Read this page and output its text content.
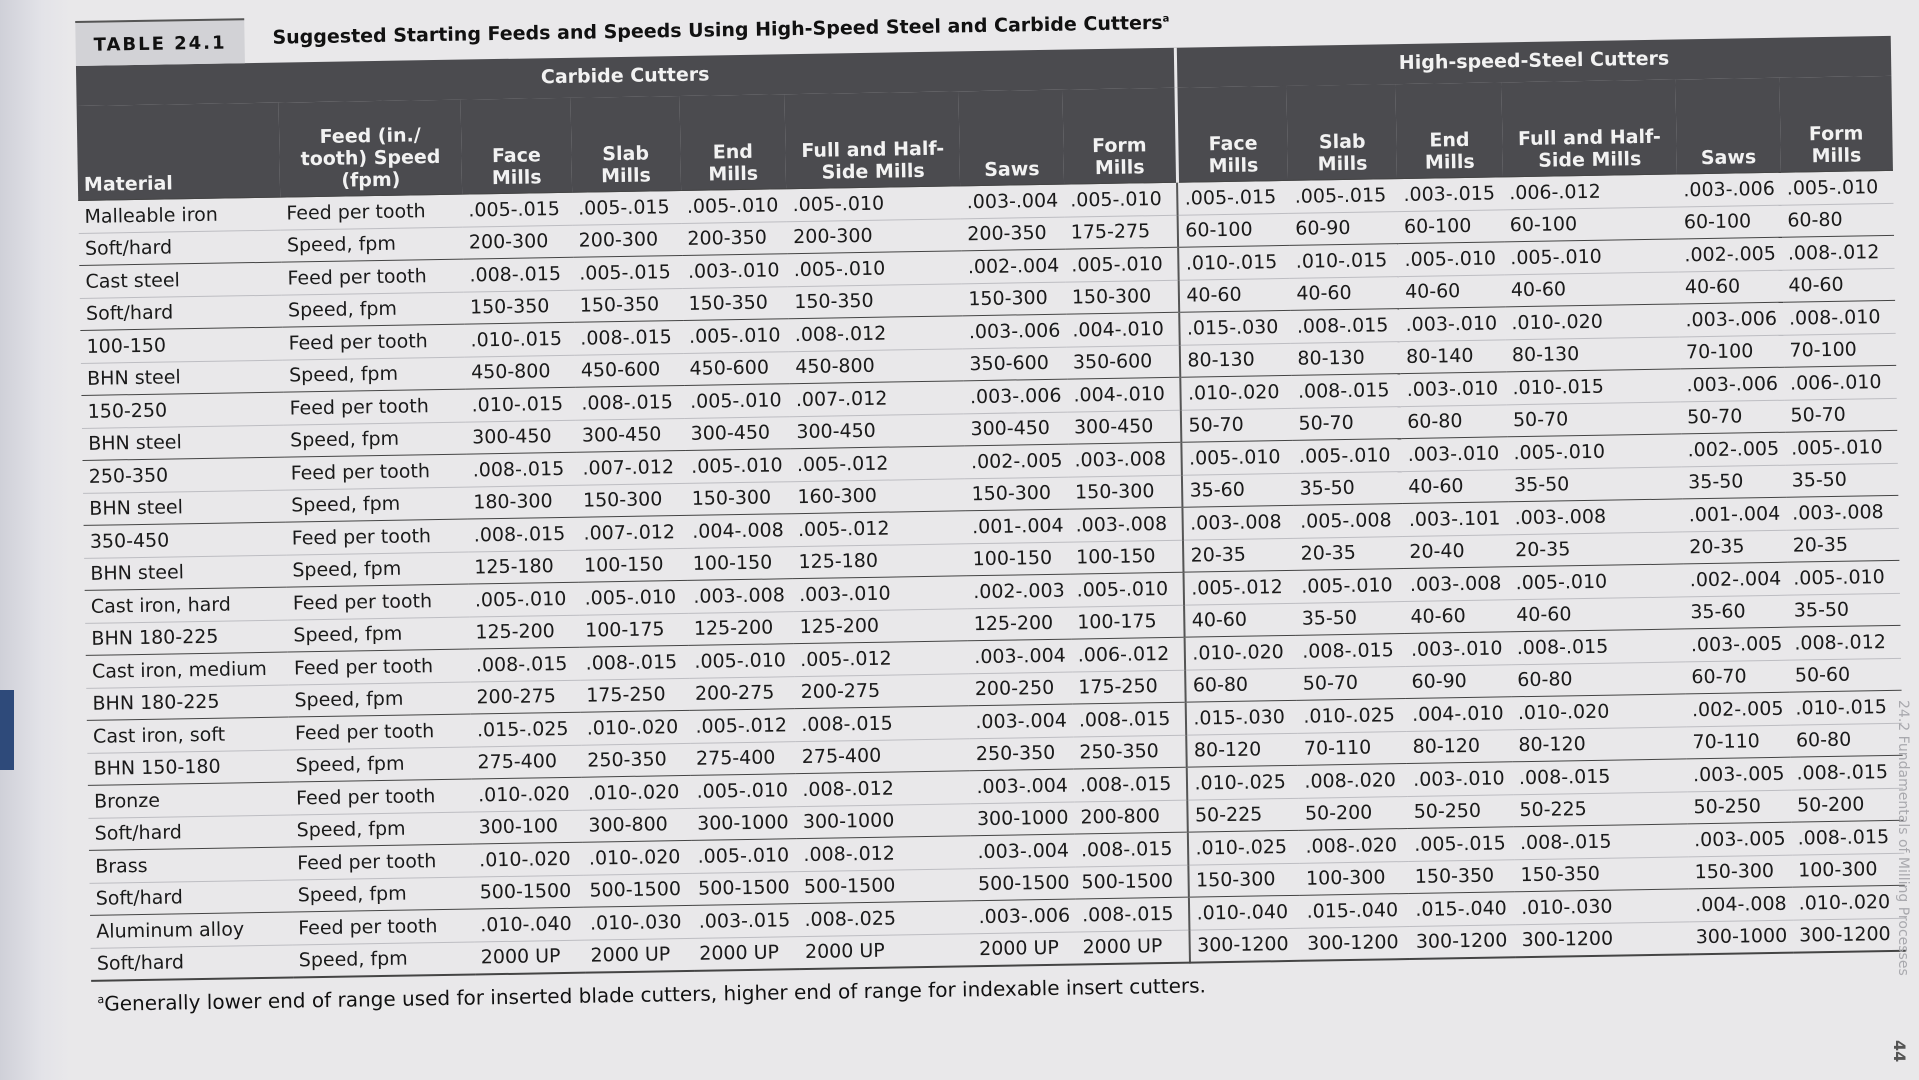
TABLE 24.1	Suggested Starting Feeds and Speeds Using High-Speed Steel and Carbide Cutters$^a$
Carbide Cutters								High-speed-Steel Cutters					
Material	Feed (in./ tooth) Speed (fpm)	Face Mills	Slab Mills	End Mills	Full and Half-Side Mills	Saws	Form Mills	Face Mills	Slab Mills	End Mills	Full and Half-Side Mills	Saws	Form Mills
Malleable iron	Feed per tooth	.005-.015	.005-.015	.005-.010	.005-.010	.003-.004	.005-.010	.005-.015	.005-.015	.003-.015	.006-.012	.003-.006	.005-.010
Soft/hard	Speed, fpm	200-300	200-300	200-350	200-300	200-350	175-275	60-100	60-90	60-100	60-100	60-100	60-80
Cast steel	Feed per tooth	.008-.015	.005-.015	.003-.010	.005-.010	.002-.004	.005-.010	.010-.015	.010-.015	.005-.010	.005-.010	.002-.005	.008-.012
Soft/hard	Speed, fpm	150-350	150-350	150-350	150-350	150-300	150-300	40-60	40-60	40-60	40-60	40-60	40-60
100-150	Feed per tooth	.010-.015	.008-.015	.005-.010	.008-.012	.003-.006	.004-.010	.015-.030	.008-.015	.003-.010	.010-.020	.003-.006	.008-.010
BHN steel	Speed, fpm	450-800	450-600	450-600	450-800	350-600	350-600	80-130	80-130	80-140	80-130	70-100	70-100
150-250	Feed per tooth	.010-.015	.008-.015	.005-.010	.007-.012	.003-.006	.004-.010	.010-.020	.008-.015	.003-.010	.010-.015	.003-.006	.006-.010
BHN steel	Speed, fpm	300-450	300-450	300-450	300-450	300-450	300-450	50-70	50-70	60-80	50-70	50-70	50-70
250-350	Feed per tooth	.008-.015	.007-.012	.005-.010	.005-.012	.002-.005	.003-.008	.005-.010	.005-.010	.003-.010	.005-.010	.002-.005	.005-.010
BHN steel	Speed, fpm	180-300	150-300	150-300	160-300	150-300	150-300	35-60	35-50	40-60	35-50	35-50	35-50
350-450	Feed per tooth	.008-.015	.007-.012	.004-.008	.005-.012	.001-.004	.003-.008	.003-.008	.005-.008	.003-.101	.003-.008	.001-.004	.003-.008
BHN steel	Speed, fpm	125-180	100-150	100-150	125-180	100-150	100-150	20-35	20-35	20-40	20-35	20-35	20-35
Cast iron, hard	Feed per tooth	.005-.010	.005-.010	.003-.008	.003-.010	.002-.003	.005-.010	.005-.012	.005-.010	.003-.008	.005-.010	.002-.004	.005-.010
BHN 180-225	Speed, fpm	125-200	100-175	125-200	125-200	125-200	100-175	40-60	35-50	40-60	40-60	35-60	35-50
Cast iron, medium	Feed per tooth	.008-.015	.008-.015	.005-.010	.005-.012	.003-.004	.006-.012	.010-.020	.008-.015	.003-.010	.008-.015	.003-.005	.008-.012
BHN 180-225	Speed, fpm	200-275	175-250	200-275	200-275	200-250	175-250	60-80	50-70	60-90	60-80	60-70	50-60
Cast iron, soft	Feed per tooth	.015-.025	.010-.020	.005-.012	.008-.015	.003-.004	.008-.015	.015-.030	.010-.025	.004-.010	.010-.020	.002-.005	.010-.015
BHN 150-180	Speed, fpm	275-400	250-350	275-400	275-400	250-350	250-350	80-120	70-110	80-120	80-120	70-110	60-80
Bronze	Feed per tooth	.010-.020	.010-.020	.005-.010	.008-.012	.003-.004	.008-.015	.010-.025	.008-.020	.003-.010	.008-.015	.003-.005	.008-.015
Soft/hard	Speed, fpm	300-100	300-800	300-1000	300-1000	300-1000	200-800	50-225	50-200	50-250	50-225	50-250	50-200
Brass	Feed per tooth	.010-.020	.010-.020	.005-.010	.008-.012	.003-.004	.008-.015	.010-.025	.008-.020	.005-.015	.008-.015	.003-.005	.008-.015
Soft/hard	Speed, fpm	500-1500	500-1500	500-1500	500-1500	500-1500	500-1500	150-300	100-300	150-350	150-350	150-300	100-300
Aluminum alloy	Feed per tooth	.010-.040	.010-.030	.003-.015	.008-.025	.003-.006	.008-.015	.010-.040	.015-.040	.015-.040	.010-.030	.004-.008	.010-.020
Soft/hard	Speed, fpm	2000 UP	2000 UP	2000 UP	2000 UP	2000 UP	2000 UP	300-1200	300-1200	300-1200	300-1200	300-1000	300-1200
$^a$Generally lower end of range used for inserted blade cutters, higher end of range for indexable insert cutters.
24.2 Fundamentals of Milling Processes
44
